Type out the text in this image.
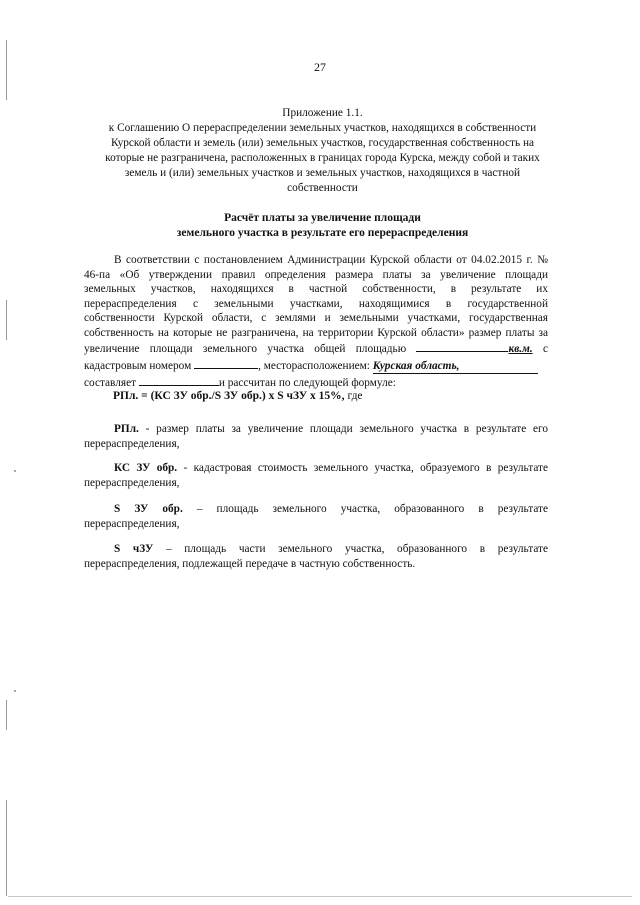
27
Приложение 1.1.
к Соглашению О перераспределении земельных участков, находящихся в собственности
Курской области и земель (или) земельных участков, государственная собственность на
которые не разграничена, расположенных в границах города Курска, между собой и таких
земель и (или) земельных участков и земельных участков, находящихся в частной
собственности
Расчёт платы за увеличение площади
земельного участка в результате его перераспределения
В соответствии с постановлением Администрации Курской области от 04.02.2015 г. №
46-па «Об утверждении правил определения размера платы за увеличение площади
земельных участков, находящихся в частной собственности, в результате их
перераспределения с земельными участками, находящимися в государственной
собственности Курской области, с землями и земельными участками, государственная
собственность на которые не разграничена, на территории Курской области» размер платы за
увеличение площади земельного участка общей площадью	кв.м. с
кадастровым номером	, месторасположением: Курская область,
составляет	и рассчитан по следующей формуле:
РПл. = (КС ЗУ обр./S ЗУ обр.) х S чЗУ х 15%, где
РПл. - размер платы за увеличение площади земельного участка в результате его
перераспределения,
КС ЗУ обр. - кадастровая стоимость земельного участка, образуемого в результате
перераспределения,
S ЗУ обр. – площадь земельного участка, образованного в результате
перераспределения,
S чЗУ – площадь части земельного участка, образованного в результате
перераспределения, подлежащей передаче в частную собственность.
